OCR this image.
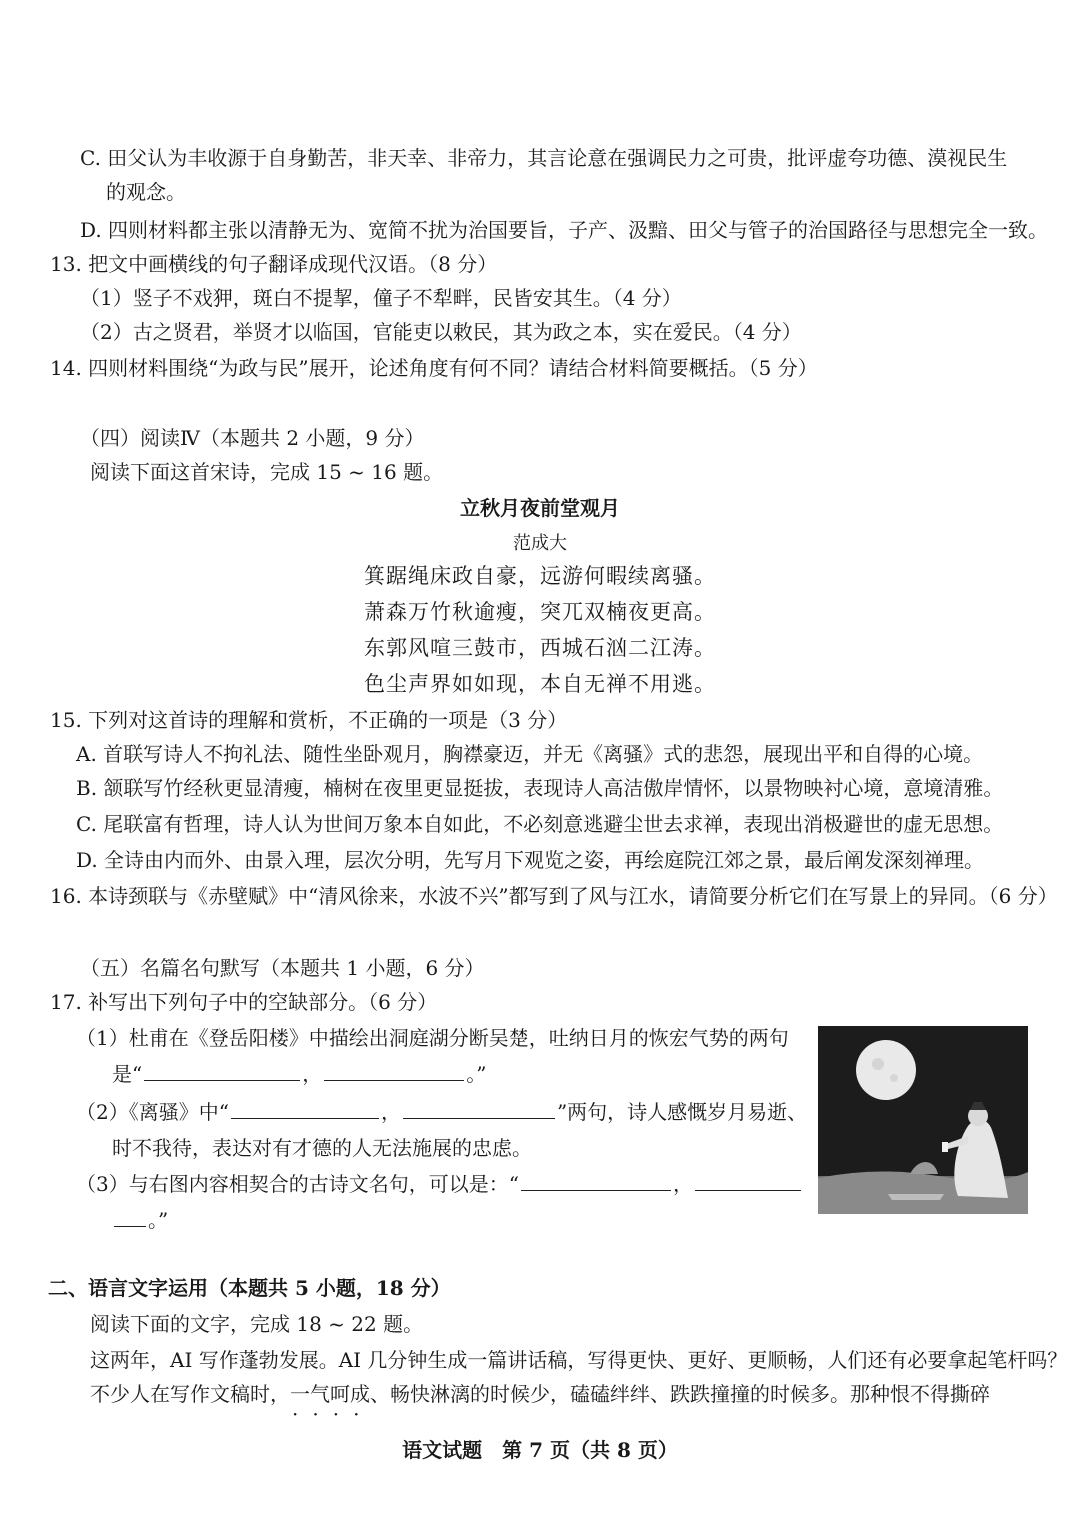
C. 田父认为丰收源于自身勤苦，非天幸、非帝力，其言论意在强调民力之可贵，批评虚夸功德、漠视民生
的观念。
D. 四则材料都主张以清静无为、宽简不扰为治国要旨，子产、汲黯、田父与管子的治国路径与思想完全一致。
13. 把文中画横线的句子翻译成现代汉语。（8 分）
（1）竖子不戏狎，斑白不提挈，僮子不犁畔，民皆安其生。（4 分）
（2）古之贤君，举贤才以临国，官能吏以敕民，其为政之本，实在爱民。（4 分）
14. 四则材料围绕“为政与民”展开，论述角度有何不同？请结合材料简要概括。（5 分）
（四）阅读Ⅳ（本题共 2 小题，9 分）
阅读下面这首宋诗，完成 15 ~ 16 题。
立秋月夜前堂观月
范成大
箕踞绳床政自豪，远游何暇续离骚。
萧森万竹秋逾瘦，突兀双楠夜更高。
东郭风喧三鼓市，西城石汹二江涛。
色尘声界如如现，本自无禅不用逃。
15. 下列对这首诗的理解和赏析，不正确的一项是（3 分）
A. 首联写诗人不拘礼法、随性坐卧观月，胸襟豪迈，并无《离骚》式的悲怨，展现出平和自得的心境。
B. 颔联写竹经秋更显清瘦，楠树在夜里更显挺拔，表现诗人高洁傲岸情怀，以景物映衬心境，意境清雅。
C. 尾联富有哲理，诗人认为世间万象本自如此，不必刻意逃避尘世去求禅，表现出消极避世的虚无思想。
D. 全诗由内而外、由景入理，层次分明，先写月下观览之姿，再绘庭院江郊之景，最后阐发深刻禅理。
16. 本诗颈联与《赤壁赋》中“清风徐来，水波不兴”都写到了风与江水，请简要分析它们在写景上的异同。（6 分）
（五）名篇名句默写（本题共 1 小题，6 分）
17. 补写出下列句子中的空缺部分。（6 分）
（1）杜甫在《登岳阳楼》中描绘出洞庭湖分断吴楚，吐纳日月的恢宏气势的两句
是“	，	。”
（2）《离骚》中“	，	”两句，诗人感慨岁月易逝、
时不我待，表达对有才德的人无法施展的忠虑。
（3）与右图内容相契合的古诗文名句，可以是：“	，
。”
二、语言文字运用（本题共 5 小题，18 分）
阅读下面的文字，完成 18 ~ 22 题。
这两年，AI 写作蓬勃发展。AI 几分钟生成一篇讲话稿，写得更快、更好、更顺畅，人们还有必要拿起笔杆吗？
不少人在写作文稿时，一气呵成、畅快淋漓的时候少，磕磕绊绊、跌跌撞撞的时候多。那种恨不得撕碎
····
语文试题　第 7 页（共 8 页）
